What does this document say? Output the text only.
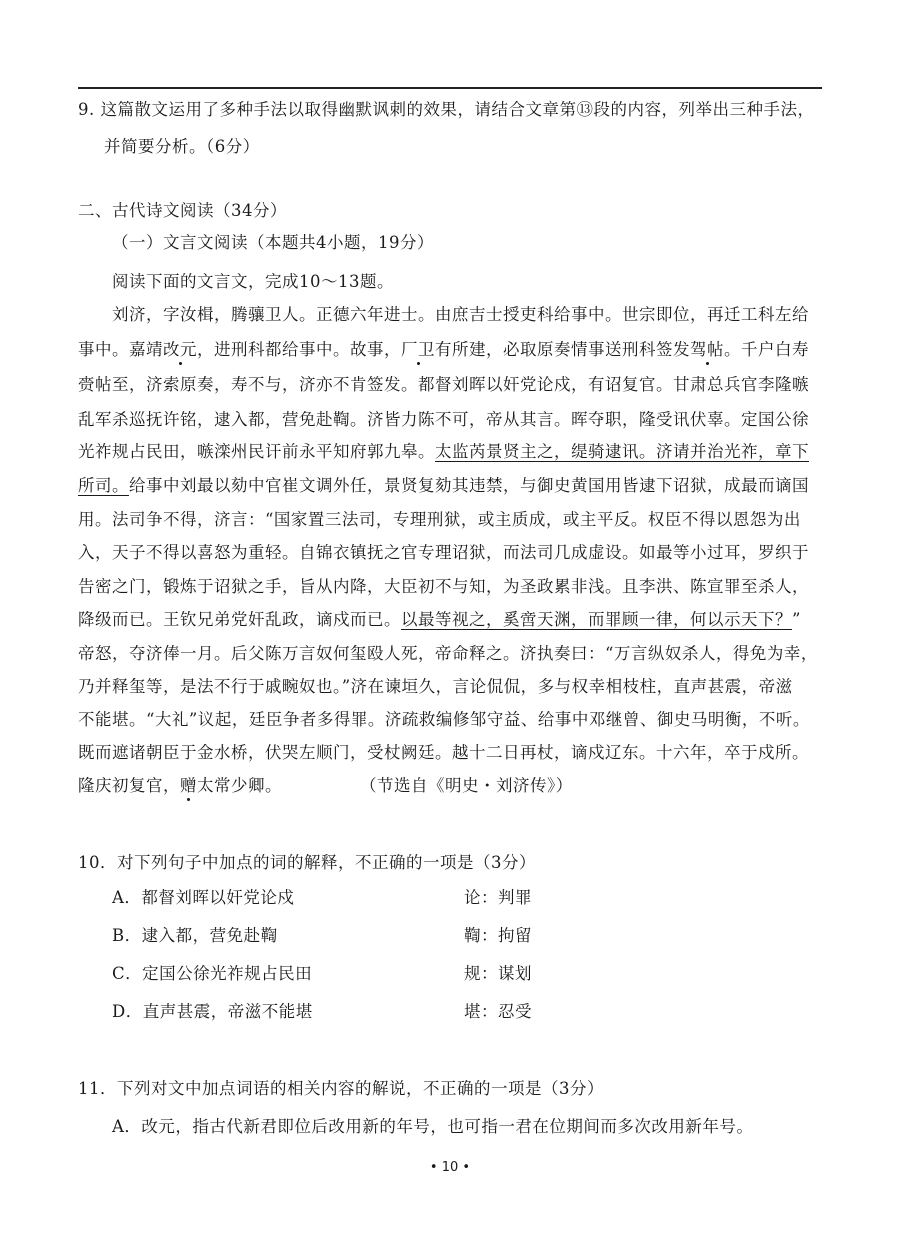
9. 这篇散文运用了多种手法以取得幽默讽刺的效果，请结合文章第⑬段的内容，列举出三种手法，
并简要分析。（6分）
二、古代诗文阅读（34分）
（一）文言文阅读（本题共4小题，19分）
阅读下面的文言文，完成10～13题。
刘济，字汝楫，腾骧卫人。正德六年进士。由庶吉士授吏科给事中。世宗即位，再迁工科左给
事中。嘉靖改元，进刑科都给事中。故事，厂卫有所建，必取原奏情事送刑科签发驾帖。千户白寿
赍帖至，济索原奏，寿不与，济亦不肯签发。都督刘晖以奸党论戍，有诏复官。甘肃总兵官李隆嗾
乱军杀巡抚许铭，逮入都，营免赴鞫。济皆力陈不可，帝从其言。晖夺职，隆受讯伏辜。定国公徐
光祚规占民田，嗾滦州民讦前永平知府郭九皋。太监芮景贤主之，缇骑逮讯。济请并治光祚，章下
所司。给事中刘最以劾中官崔文调外任，景贤复劾其违禁，与御史黄国用皆逮下诏狱，成最而谪国
用。法司争不得，济言：“国家置三法司，专理刑狱，或主质成，或主平反。权臣不得以恩怨为出
入，天子不得以喜怒为重轻。自锦衣镇抚之官专理诏狱，而法司几成虚设。如最等小过耳，罗织于
告密之门，锻炼于诏狱之手，旨从内降，大臣初不与知，为圣政累非浅。且李洪、陈宣罪至杀人，
降级而已。王钦兄弟党奸乱政，谪戍而已。以最等视之，奚啻天渊，而罪顾一律，何以示天下？”
帝怒，夺济俸一月。后父陈万言奴何玺殴人死，帝命释之。济执奏曰：“万言纵奴杀人，得免为幸，
乃并释玺等，是法不行于戚畹奴也。”济在谏垣久，言论侃侃，多与权幸相枝柱，直声甚震，帝滋
不能堪。“大礼”议起，廷臣争者多得罪。济疏救编修邹守益、给事中邓继曾、御史马明衡，不听。
既而遮诸朝臣于金水桥，伏哭左顺门，受杖阙廷。越十二日再杖，谪戍辽东。十六年，卒于戍所。
隆庆初复官，赠太常少卿。	（节选自《明史・刘济传》）
10．对下列句子中加点的词的解释，不正确的一项是（3分）
A．都督刘晖以奸党论戍	论：判罪
B．逮入都，营免赴鞫	鞫：拘留
C．定国公徐光祚规占民田	规：谋划
D．直声甚震，帝滋不能堪	堪：忍受
11．下列对文中加点词语的相关内容的解说，不正确的一项是（3分）
A．改元，指古代新君即位后改用新的年号，也可指一君在位期间而多次改用新年号。
• 10 •
